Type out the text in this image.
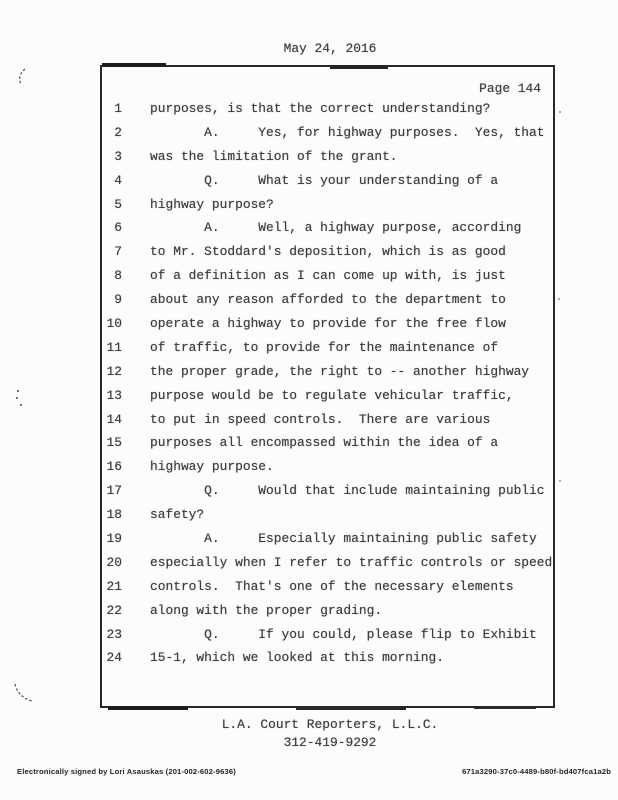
May 24, 2016
Page 144
1	purposes, is that the correct understanding?
2	A.     Yes, for highway purposes.  Yes, that
3	was the limitation of the grant.
4	Q.     What is your understanding of a
5	highway purpose?
6	A.     Well, a highway purpose, according
7	to Mr. Stoddard's deposition, which is as good
8	of a definition as I can come up with, is just
9	about any reason afforded to the department to
10	operate a highway to provide for the free flow
11	of traffic, to provide for the maintenance of
12	the proper grade, the right to -- another highway
13	purpose would be to regulate vehicular traffic,
14	to put in speed controls.  There are various
15	purposes all encompassed within the idea of a
16	highway purpose.
17	Q.     Would that include maintaining public
18	safety?
19	A.     Especially maintaining public safety
20	especially when I refer to traffic controls or speed
21	controls.  That's one of the necessary elements
22	along with the proper grading.
23	Q.     If you could, please flip to Exhibit
24	15-1, which we looked at this morning.
L.A. Court Reporters, L.L.C.
312-419-9292
Electronically signed by Lori Asauskas (201-002-602-9636)	671a3290-37c0-4489-b80f-bd407fca1a2b
